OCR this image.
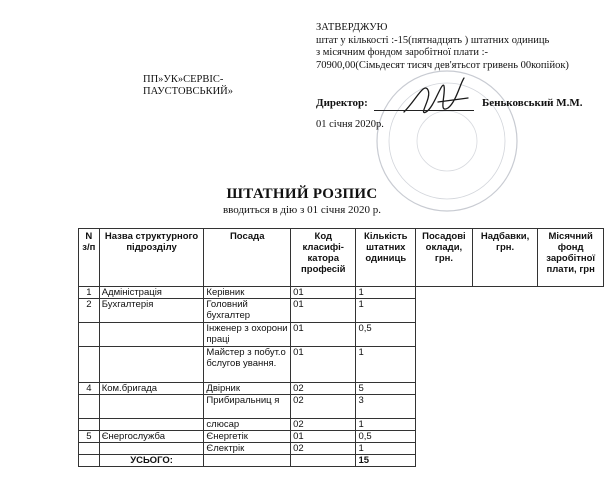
ПП»УК»СЕРВІС-
ПАУСТОВСЬКИЙ»
ЗАТВЕРДЖУЮ
штат у кількості :-15(пятнадцять ) штатних одиниць
з місячним фондом заробітної плати :-
70900,00(Сімьдесят тисяч дев'ятьсот гривень 00копійок)
Директор:	Беньковський М.М.
01 січня 2020р.
ШТАТНИЙ РОЗПИС
вводиться в дію з 01 січня 2020 р.
N з/п	Назва структурного підрозділу	Посада	Код класифі-катора професій	Кількість штатних одиниць	Посадові оклади, грн.	Надбавки, грн.	Місячний фонд заробітної плати, грн
1	Адміністрація	Керівник	01	1			
2	Бухгалтерія	Головний бухгалтер	01	1			
		Інженер з охорони праці	01	0,5			
		Майстер з побут.обслугов ування.	01	1			
4	Ком.бригада	Двірник	02	5			
		Прибиральниц я	02	3			
		слюсар	02	1			
5	Єнергослужба	Єнергетік	01	0,5			
		Єлектрік	02	1			
	УСЬОГО:			15			
